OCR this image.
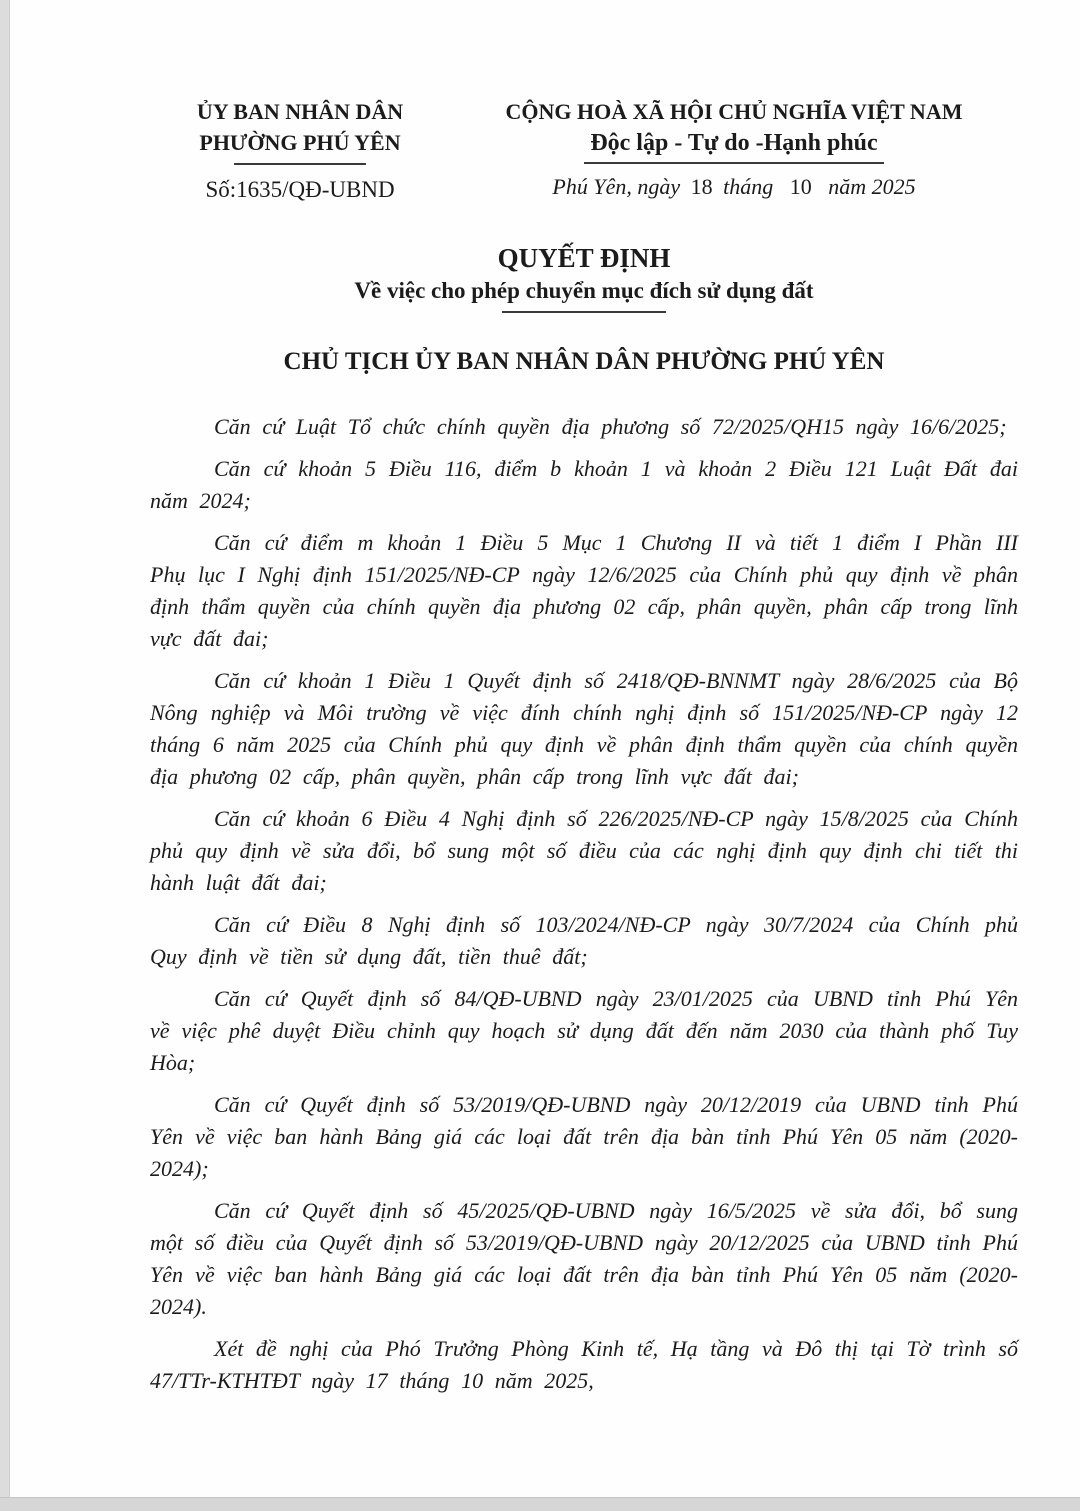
ỦY BAN NHÂN DÂN
PHƯỜNG PHÚ YÊN
Số:1635/QĐ-UBND
CỘNG HOÀ XÃ HỘI CHỦ NGHĨA VIỆT NAM
Độc lập - Tự do -Hạnh phúc
Phú Yên, ngày 18 tháng 10 năm 2025
QUYẾT ĐỊNH
Về việc cho phép chuyển mục đích sử dụng đất
CHỦ TỊCH ỦY BAN NHÂN DÂN PHƯỜNG PHÚ YÊN

Căn cứ Luật Tổ chức chính quyền địa phương số 72/2025/QH15 ngày 16/6/2025;

Căn cứ khoản 5 Điều 116, điểm b khoản 1 và khoản 2 Điều 121 Luật Đất đai năm 2024;

Căn cứ điểm m khoản 1 Điều 5 Mục 1 Chương II và tiết 1 điểm I Phần III Phụ lục I Nghị định 151/2025/NĐ-CP ngày 12/6/2025 của Chính phủ quy định về phân định thẩm quyền của chính quyền địa phương 02 cấp, phân quyền, phân cấp trong lĩnh vực đất đai;

Căn cứ khoản 1 Điều 1 Quyết định số 2418/QĐ-BNNMT ngày 28/6/2025 của Bộ Nông nghiệp và Môi trường về việc đính chính nghị định số 151/2025/NĐ-CP ngày 12 tháng 6 năm 2025 của Chính phủ quy định về phân định thẩm quyền của chính quyền địa phương 02 cấp, phân quyền, phân cấp trong lĩnh vực đất đai;

Căn cứ khoản 6 Điều 4 Nghị định số 226/2025/NĐ-CP ngày 15/8/2025 của Chính phủ quy định về sửa đổi, bổ sung một số điều của các nghị định quy định chi tiết thi hành luật đất đai;

Căn cứ Điều 8 Nghị định số 103/2024/NĐ-CP ngày 30/7/2024 của Chính phủ Quy định về tiền sử dụng đất, tiền thuê đất;

Căn cứ Quyết định số 84/QĐ-UBND ngày 23/01/2025 của UBND tỉnh Phú Yên về việc phê duyệt Điều chỉnh quy hoạch sử dụng đất đến năm 2030 của thành phố Tuy Hòa;

Căn cứ Quyết định số 53/2019/QĐ-UBND ngày 20/12/2019 của UBND tỉnh Phú Yên về việc ban hành Bảng giá các loại đất trên địa bàn tỉnh Phú Yên 05 năm (2020-2024);

Căn cứ Quyết định số 45/2025/QĐ-UBND ngày 16/5/2025 về sửa đổi, bổ sung một số điều của Quyết định số 53/2019/QĐ-UBND ngày 20/12/2025 của UBND tỉnh Phú Yên về việc ban hành Bảng giá các loại đất trên địa bàn tỉnh Phú Yên 05 năm (2020-2024).

Xét đề nghị của Phó Trưởng Phòng Kinh tế, Hạ tầng và Đô thị tại Tờ trình số 47/TTr-KTHTĐT ngày 17 tháng 10 năm 2025,
